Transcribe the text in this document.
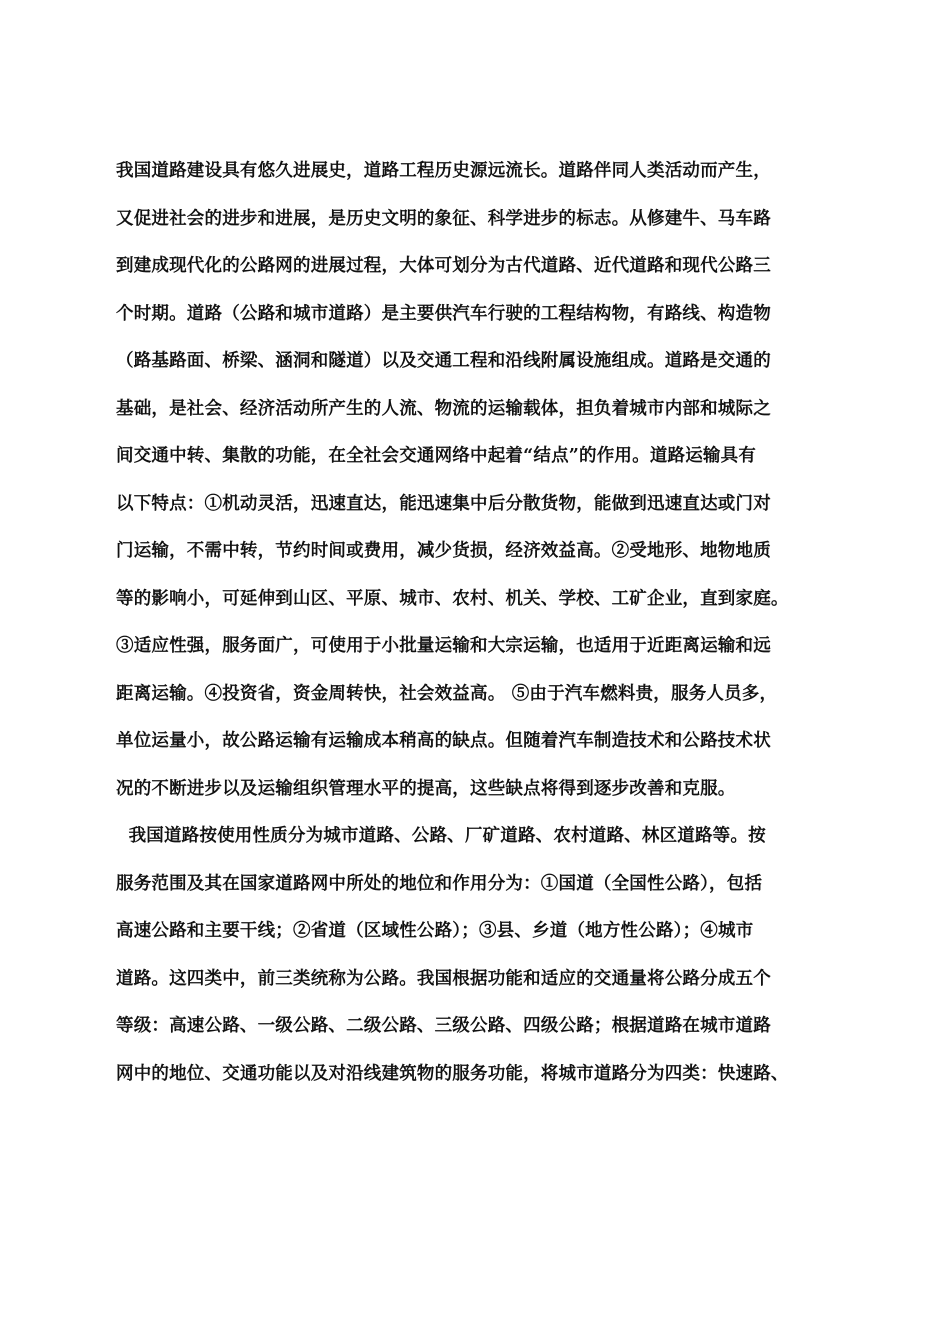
我国道路建设具有悠久进展史，道路工程历史源远流长。道路伴同人类活动而产生，
又促进社会的进步和进展，是历史文明的象征、科学进步的标志。从修建牛、马车路
到建成现代化的公路网的进展过程，大体可划分为古代道路、近代道路和现代公路三
个时期。道路（公路和城市道路）是主要供汽车行驶的工程结构物，有路线、构造物
（路基路面、桥梁、涵洞和隧道）以及交通工程和沿线附属设施组成。道路是交通的
基础，是社会、经济活动所产生的人流、物流的运输载体，担负着城市内部和城际之
间交通中转、集散的功能，在全社会交通网络中起着“结点”的作用。道路运输具有
以下特点：①机动灵活，迅速直达，能迅速集中后分散货物，能做到迅速直达或门对
门运输，不需中转，节约时间或费用，减少货损，经济效益高。②受地形、地物地质
等的影响小，可延伸到山区、平原、城市、农村、机关、学校、工矿企业，直到家庭。
③适应性强，服务面广，可使用于小批量运输和大宗运输，也适用于近距离运输和远
距离运输。④投资省，资金周转快，社会效益高。 ⑤由于汽车燃料贵，服务人员多，
单位运量小，故公路运输有运输成本稍高的缺点。但随着汽车制造技术和公路技术状
况的不断进步以及运输组织管理水平的提高，这些缺点将得到逐步改善和克服。
我国道路按使用性质分为城市道路、公路、厂矿道路、农村道路、林区道路等。按
服务范围及其在国家道路网中所处的地位和作用分为：①国道（全国性公路），包括
高速公路和主要干线；②省道（区域性公路）；③县、乡道（地方性公路）；④城市
道路。这四类中，前三类统称为公路。我国根据功能和适应的交通量将公路分成五个
等级：高速公路、一级公路、二级公路、三级公路、四级公路；根据道路在城市道路
网中的地位、交通功能以及对沿线建筑物的服务功能，将城市道路分为四类：快速路、
